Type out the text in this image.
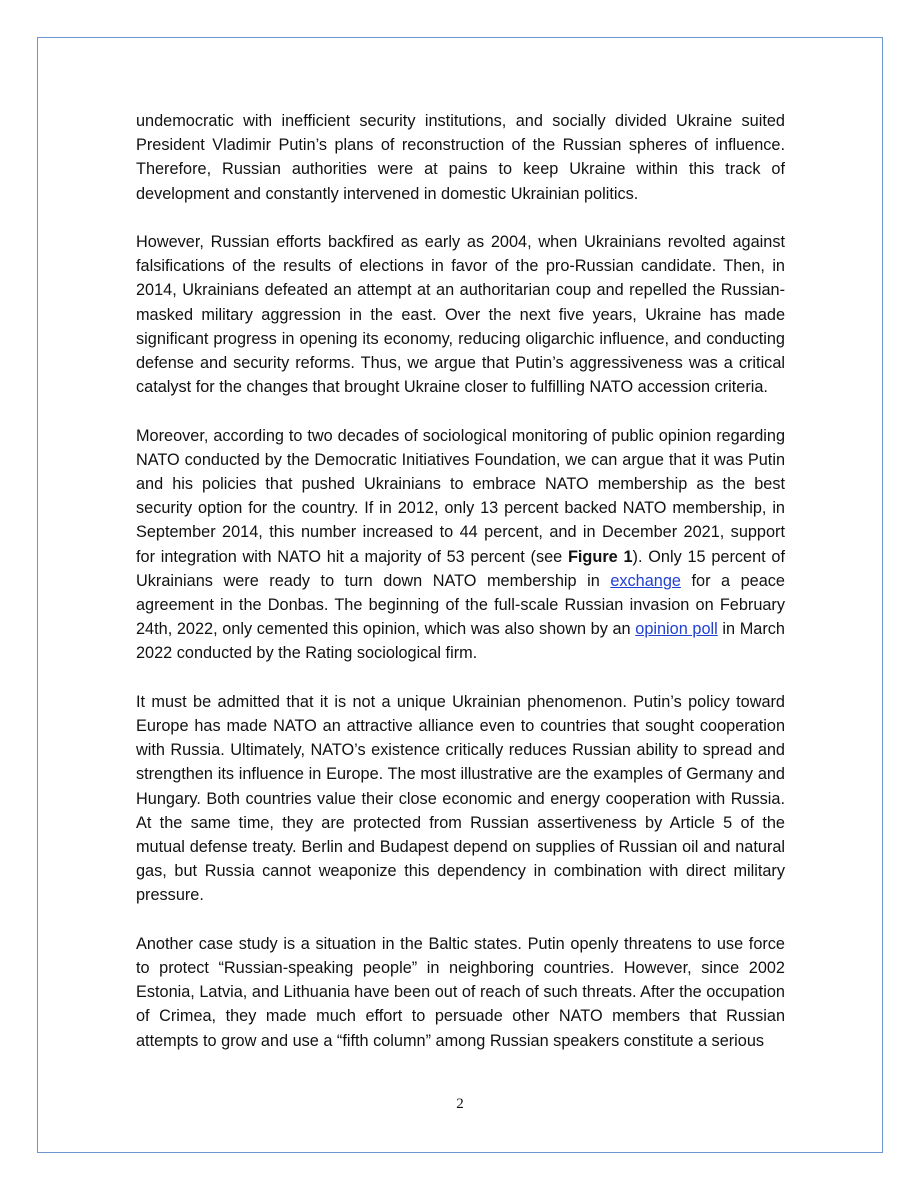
undemocratic with inefficient security institutions, and socially divided Ukraine suited President Vladimir Putin’s plans of reconstruction of the Russian spheres of influence. Therefore, Russian authorities were at pains to keep Ukraine within this track of development and constantly intervened in domestic Ukrainian politics.

However, Russian efforts backfired as early as 2004, when Ukrainians revolted against falsifications of the results of elections in favor of the pro-Russian candidate. Then, in 2014, Ukrainians defeated an attempt at an authoritarian coup and repelled the Russian-masked military aggression in the east. Over the next five years, Ukraine has made significant progress in opening its economy, reducing oligarchic influence, and conducting defense and security reforms. Thus, we argue that Putin’s aggressiveness was a critical catalyst for the changes that brought Ukraine closer to fulfilling NATO accession criteria.

Moreover, according to two decades of sociological monitoring of public opinion regarding NATO conducted by the Democratic Initiatives Foundation, we can argue that it was Putin and his policies that pushed Ukrainians to embrace NATO membership as the best security option for the country. If in 2012, only 13 percent backed NATO membership, in September 2014, this number increased to 44 percent, and in December 2021, support for integration with NATO hit a majority of 53 percent (see Figure 1). Only 15 percent of Ukrainians were ready to turn down NATO membership in exchange for a peace agreement in the Donbas. The beginning of the full-scale Russian invasion on February 24th, 2022, only cemented this opinion, which was also shown by an opinion poll in March 2022 conducted by the Rating sociological firm.

It must be admitted that it is not a unique Ukrainian phenomenon. Putin’s policy toward Europe has made NATO an attractive alliance even to countries that sought cooperation with Russia. Ultimately, NATO’s existence critically reduces Russian ability to spread and strengthen its influence in Europe. The most illustrative are the examples of Germany and Hungary. Both countries value their close economic and energy cooperation with Russia. At the same time, they are protected from Russian assertiveness by Article 5 of the mutual defense treaty. Berlin and Budapest depend on supplies of Russian oil and natural gas, but Russia cannot weaponize this dependency in combination with direct military pressure.

Another case study is a situation in the Baltic states. Putin openly threatens to use force to protect “Russian-speaking people” in neighboring countries. However, since 2002 Estonia, Latvia, and Lithuania have been out of reach of such threats. After the occupation of Crimea, they made much effort to persuade other NATO members that Russian attempts to grow and use a “fifth column” among Russian speakers constitute a serious

2
